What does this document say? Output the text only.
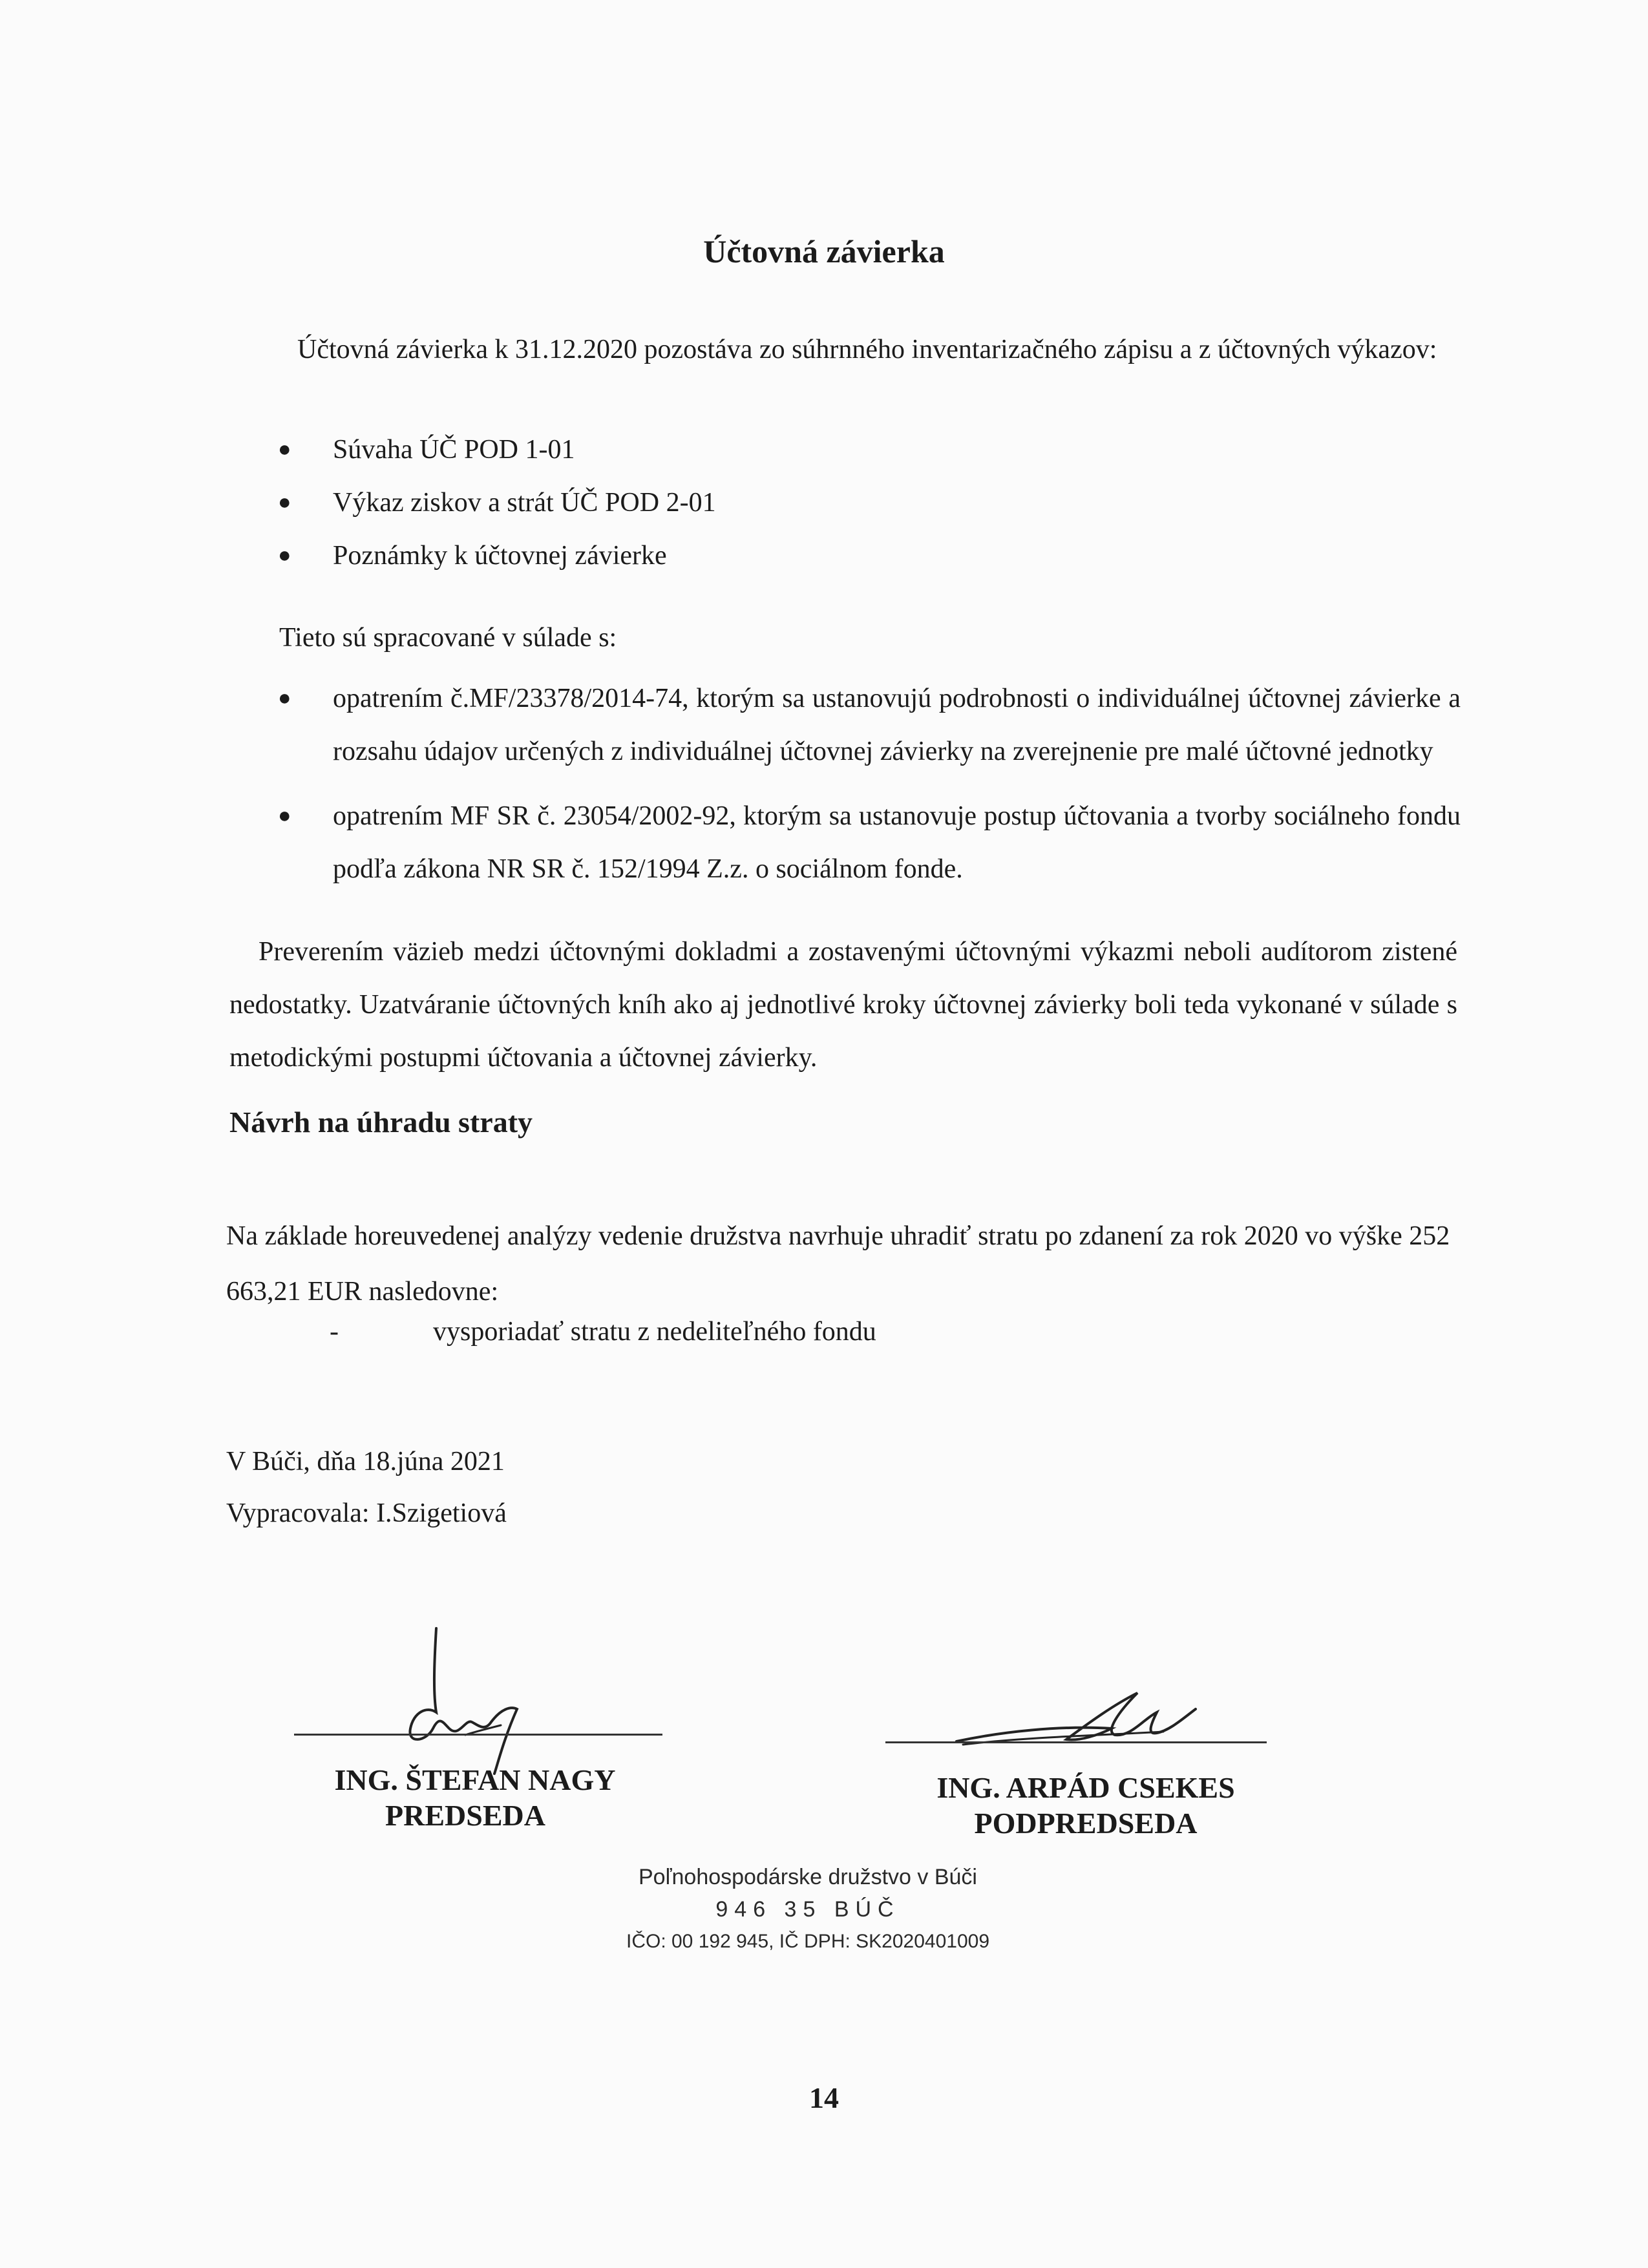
Účtovná závierka

Účtovná závierka k 31.12.2020 pozostáva zo súhrnného inventarizačného zápisu a z účtovných výkazov:

● Súvaha ÚČ POD 1-01
● Výkaz ziskov a strát ÚČ POD 2-01
● Poznámky k účtovnej závierke

Tieto sú spracované v súlade s:

● opatrením č.MF/23378/2014-74, ktorým sa ustanovujú podrobnosti o individuálnej účtovnej závierke a rozsahu údajov určených z individuálnej účtovnej závierky na zverejnenie pre malé účtovné jednotky
● opatrením MF SR č. 23054/2002-92, ktorým sa ustanovuje postup účtovania a tvorby sociálneho fondu podľa zákona NR SR č. 152/1994 Z.z. o sociálnom fonde.

Preverením väzieb medzi účtovnými dokladmi a zostavenými účtovnými výkazmi neboli audítorom zistené nedostatky. Uzatváranie účtovných kníh ako aj jednotlivé kroky účtovnej závierky boli teda vykonané v súlade s metodickými postupmi účtovania a účtovnej závierky.

Návrh na úhradu straty

Na základe horeuvedenej analýzy vedenie družstva navrhuje uhradiť stratu po zdanení za rok 2020 vo výške 252 663,21 EUR nasledovne:

-	vysporiadať stratu z nedeliteľného fondu
V Búči, dňa 18.júna 2021
Vypracovala: I.Szigetiová
ING. ŠTEFAN NAGY
PREDSEDA
ING. ARPÁD CSEKES
PODPREDSEDA
Poľnohospodárske družstvo v Búči
946 35 BÚČ
IČO: 00 192 945, IČ DPH: SK2020401009
14
